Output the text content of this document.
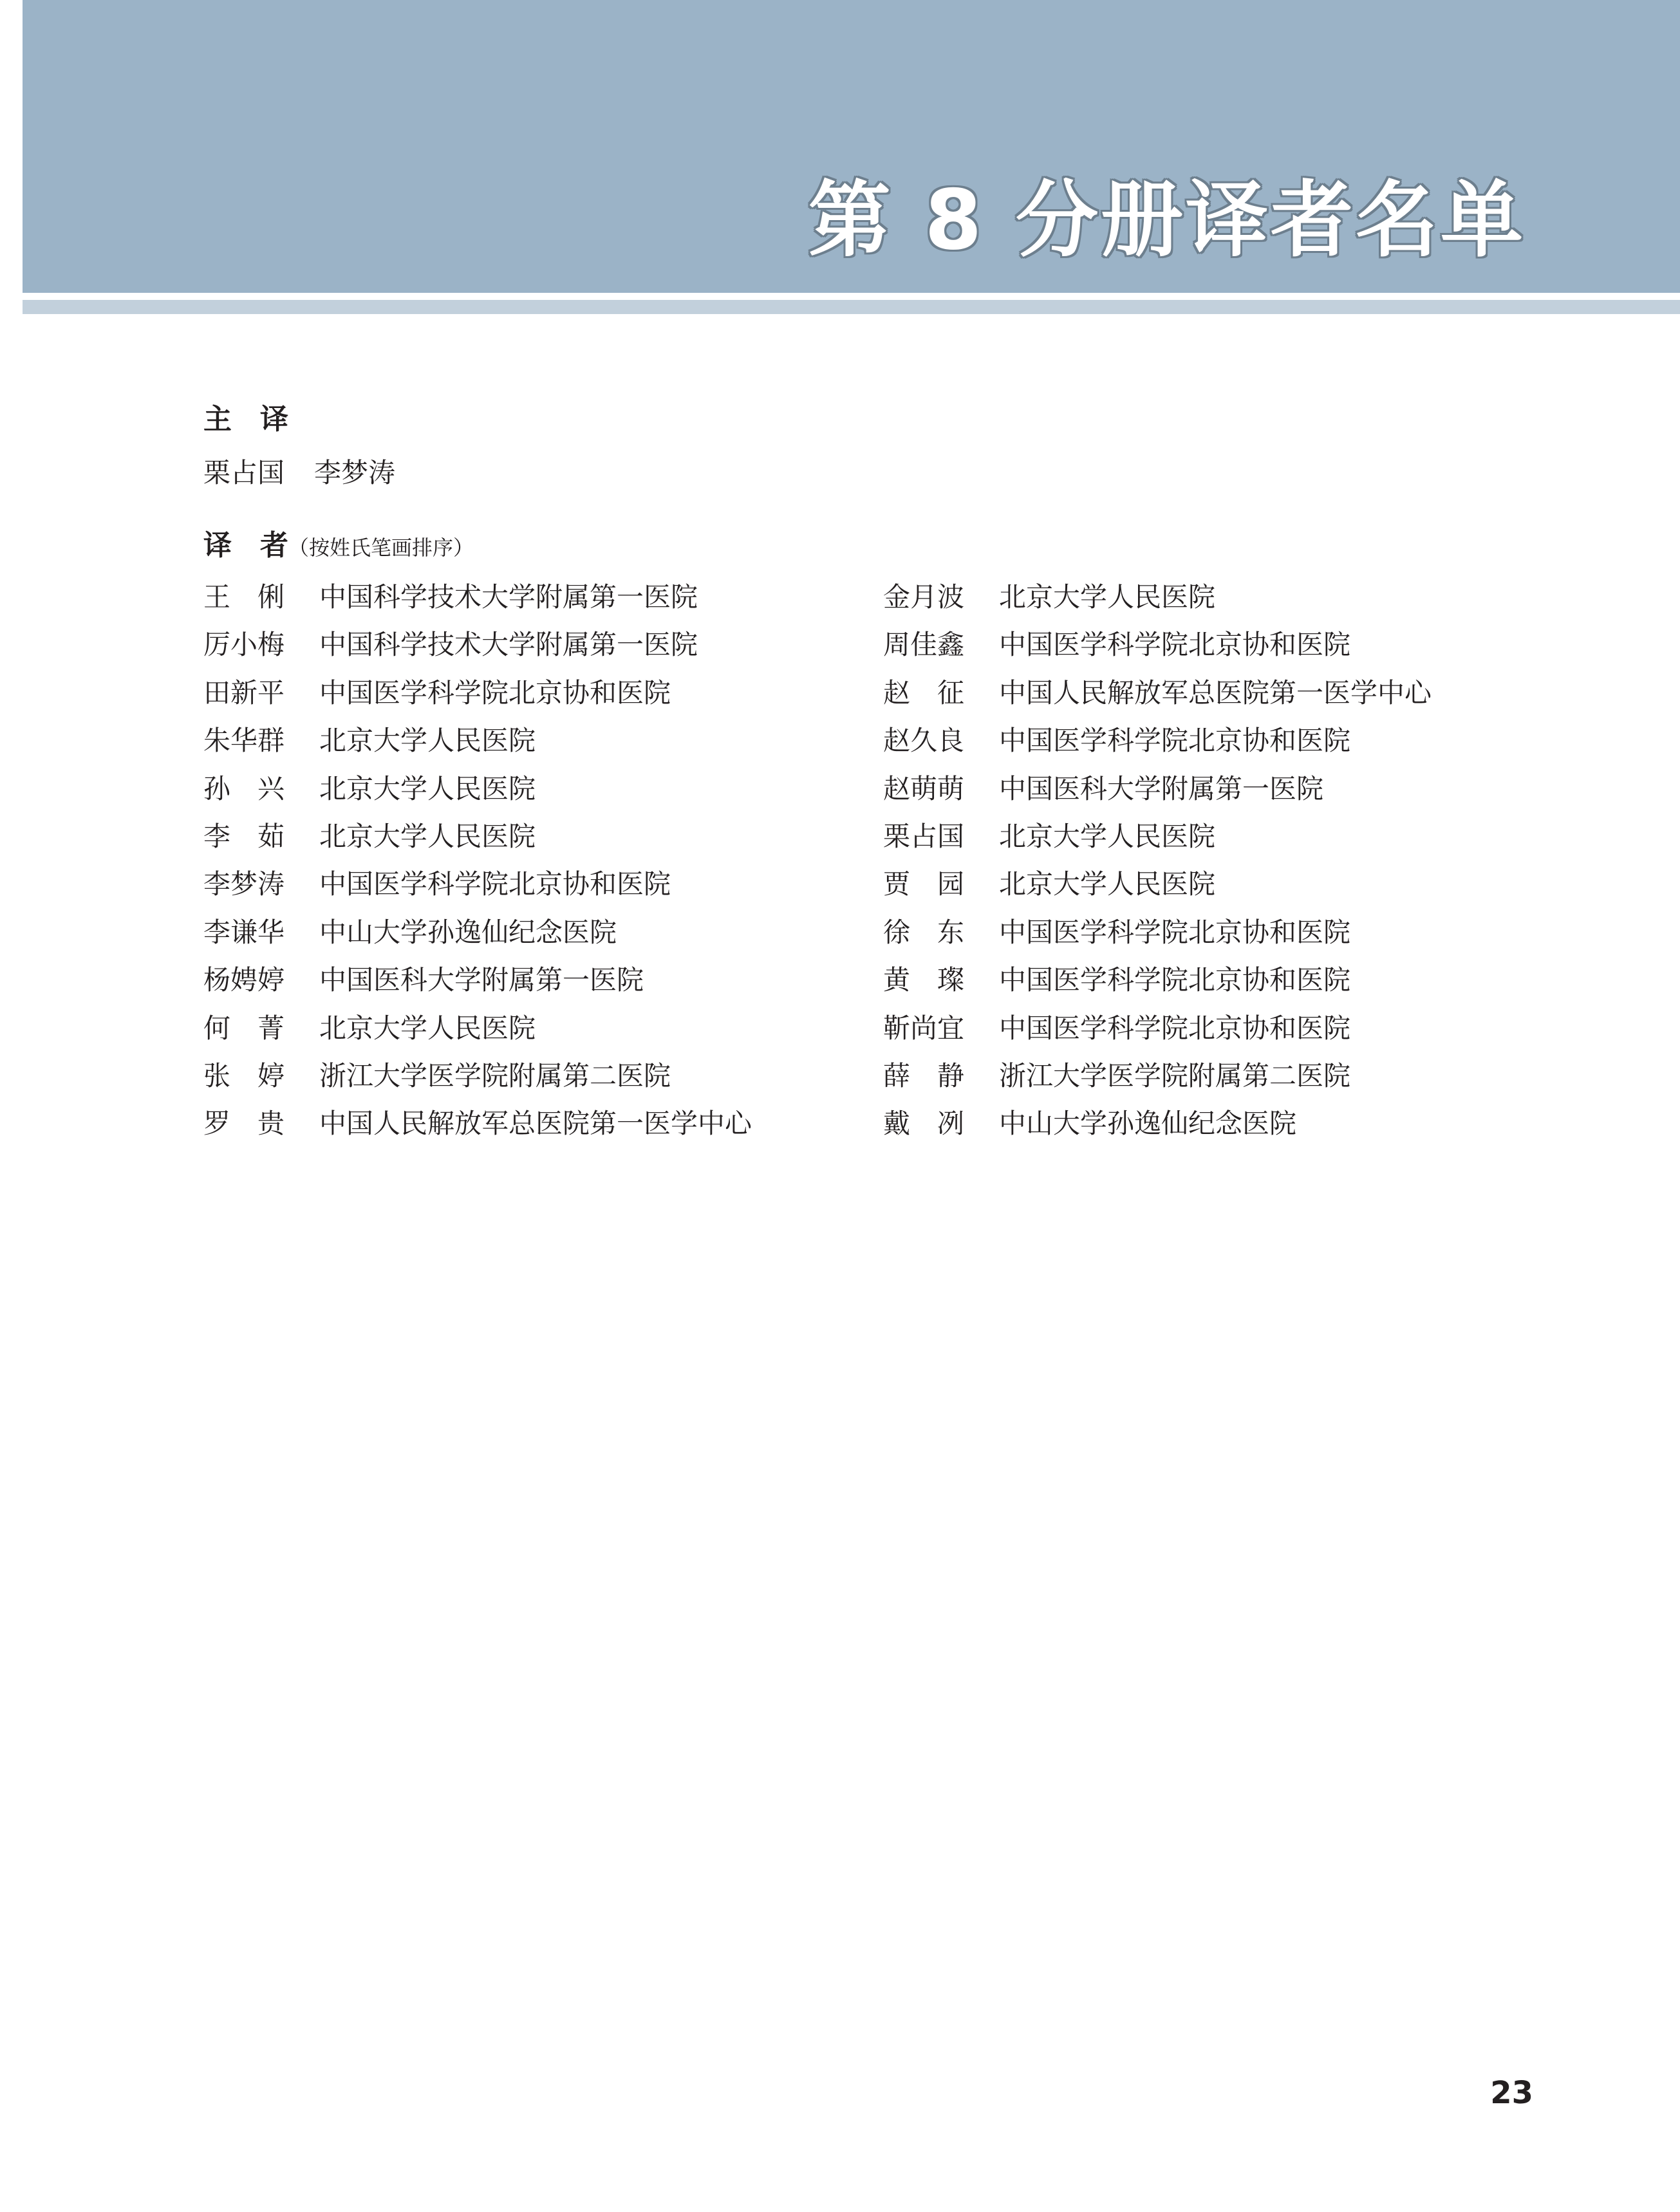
第 8 分册译者名单
主　译
栗占国 李梦涛
译　者（按姓氏笔画排序）
王　俐 中国科学技术大学附属第一医院
厉小梅 中国科学技术大学附属第一医院
田新平 中国医学科学院北京协和医院
朱华群 北京大学人民医院
孙　兴 北京大学人民医院
李　茹 北京大学人民医院
李梦涛 中国医学科学院北京协和医院
李谦华 中山大学孙逸仙纪念医院
杨娉婷 中国医科大学附属第一医院
何　菁 北京大学人民医院
张　婷 浙江大学医学院附属第二医院
罗　贵 中国人民解放军总医院第一医学中心
金月波 北京大学人民医院
周佳鑫 中国医学科学院北京协和医院
赵　征 中国人民解放军总医院第一医学中心
赵久良 中国医学科学院北京协和医院
赵萌萌 中国医科大学附属第一医院
栗占国 北京大学人民医院
贾　园 北京大学人民医院
徐　东 中国医学科学院北京协和医院
黄　璨 中国医学科学院北京协和医院
靳尚宜 中国医学科学院北京协和医院
薛　静 浙江大学医学院附属第二医院
戴　冽 中山大学孙逸仙纪念医院
23
